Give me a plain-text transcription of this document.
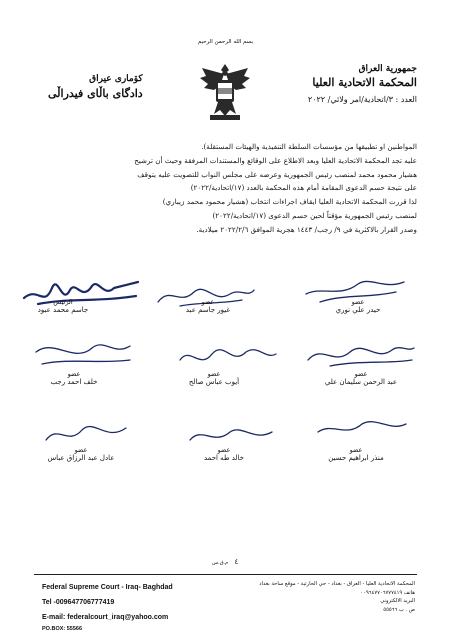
بسم الله الرحمن الرحيم
جمهورية العراق
المحكمة الاتحادية العليا
العدد : ٣/اتحادية/امر ولائي/ ٢٠٢٢
كۆماری عیراق
دادگای باڵای فیدراڵی

المواطنين او تطبيقها من مؤسسات السلطة التنفيذية والهيئات المستقلة).

عليه تجد المحكمة الاتحادية العليا وبعد الاطلاع على الوقائع والمستندات المرفقة وحيث أن ترشيح

هشيار محمود محمد لمنصب رئيس الجمهورية وعرضه على مجلس النواب للتصويت عليه يتوقف

على نتيجة حسم الدعوى المقامة أمام هذه المحكمة بالعدد (١٧/اتحادية/٢٠٢٢)

لذا قررت المحكمة الاتحادية العليا ايقاف اجراءات انتخاب (هشيار محمود محمد زيباري)

لمنصب رئيس الجمهورية مؤقتاً لحين حسم الدعوى (١٧/اتحادية/٢٠٢٢)

وصدر القرار بالاكثرية في ٩/ رجب/ ١٤٤٣ هجرية الموافق ٢٠٢٢/٢/٦ ميلادية.

الرئيس
جاسم محمد عبود
عضو
غيور جاسم عبد
عضو
حيدر علي نوري
عضو
خلف احمد رجب
عضو
أيوب عباس صالح
عضو
عبد الرحمن سليمان علي
عضو
عادل عبد الرزاق عباس
عضو
خالد طه احمد
عضو
منذر ابراهيم حسين
٤ م.ق.س
Federal Supreme Court - Iraq- Baghdad
Tel -009647706777419
E-mail: federalcourt_iraq@yahoo.com
PO.BOX: 55566
المحكمة الاتحادية العليا - العراق - بغداد - حي الحارثية - موقع ساحة بغداد
هاتف ٠٠٩٦٤٧٧٠٦٧٧٧٤١٩
البريد الالكتروني
ص . ب ٥٥٥٦٦
